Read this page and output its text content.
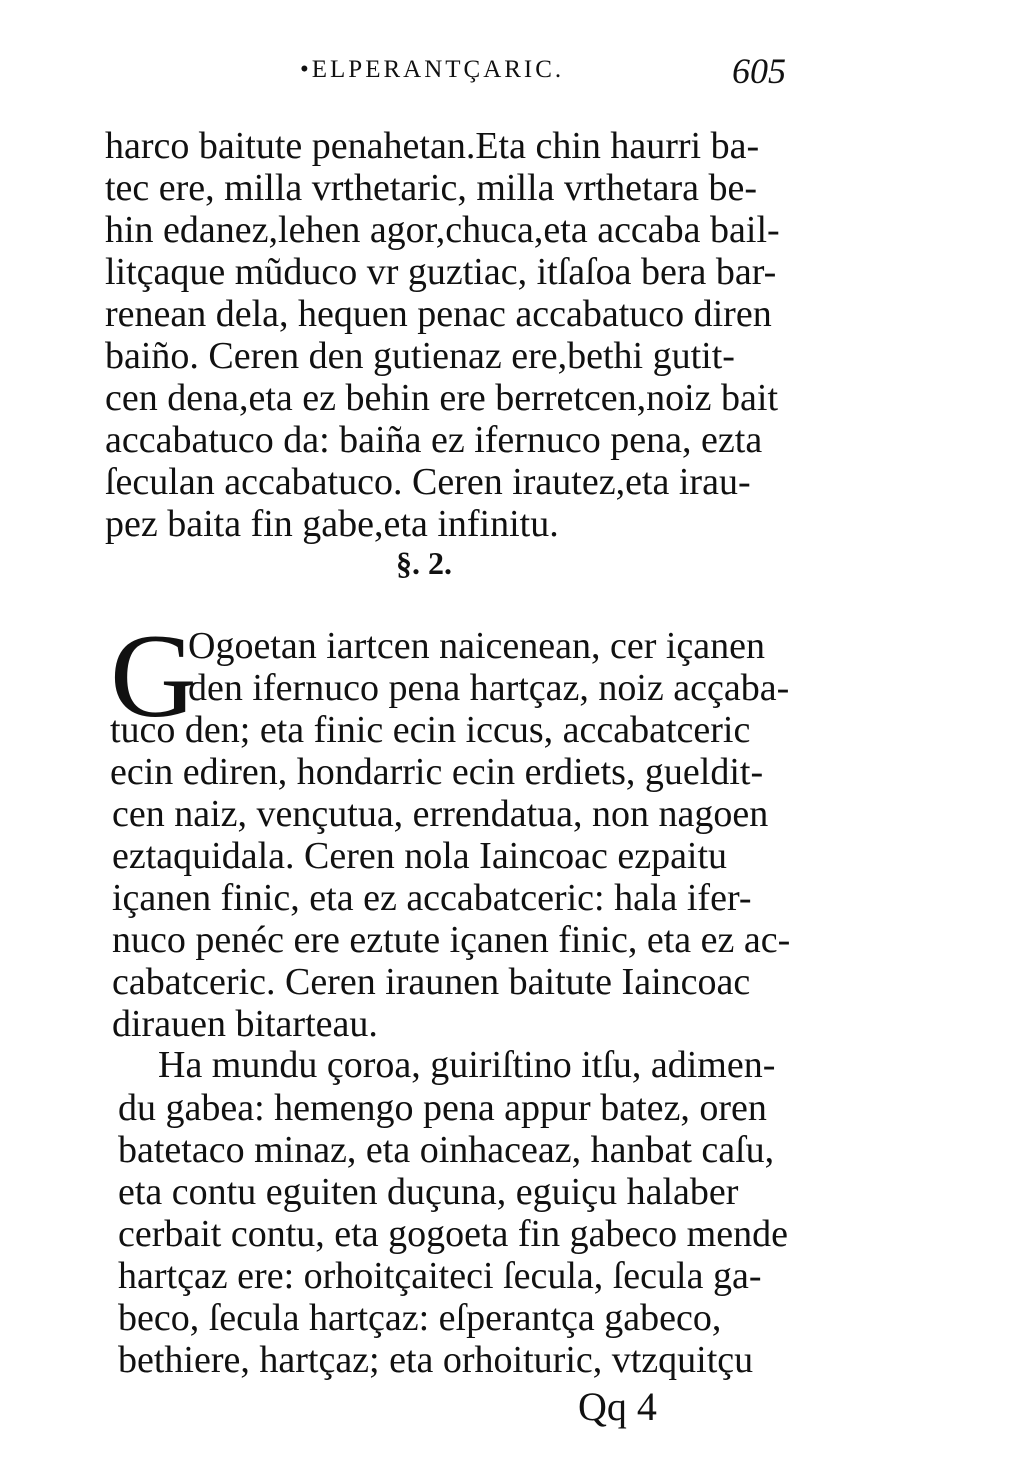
•ELPERANTÇARIC.	605
harco baitute penahetan.Eta chin haurri ba-
tec ere, milla vrthetaric, milla vrthetara be-
hin edanez,lehen agor,chuca,eta accaba bail-
litçaque mũduco vr guztiac, itſaſoa bera bar-
renean dela, hequen penac accabatuco diren
baiño. Ceren den gutienaz ere,bethi gutit-
cen dena,eta ez behin ere berretcen,noiz bait
accabatuco da: baiña ez ifernuco pena, ezta
ſeculan accabatuco. Ceren irautez,eta irau-
pez baita fin gabe,eta infinitu.
§. 2.
G
Ogoetan iartcen naicenean, cer içanen
den ifernuco pena hartçaz, noiz acçaba-
tuco den; eta finic ecin iccus, accabatceric
ecin ediren, hondarric ecin erdiets, gueldit-
cen naiz, vençutua, errendatua, non nagoen
eztaquidala. Ceren nola Iaincoac ezpaitu
içanen finic, eta ez accabatceric: hala ifer-
nuco penéc ere eztute içanen finic, eta ez ac-
cabatceric. Ceren iraunen baitute Iaincoac
dirauen bitarteau.
Ha mundu çoroa, guiriſtino itſu, adimen-
du gabea: hemengo pena appur batez, oren
batetaco minaz, eta oinhaceaz, hanbat caſu,
eta contu eguiten duçuna, eguiçu halaber
cerbait contu, eta gogoeta fin gabeco mende
hartçaz ere: orhoitçaiteci ſecula, ſecula ga-
beco, ſecula hartçaz: eſperantça gabeco,
bethiere, hartçaz; eta orhoituric, vtzquitçu
Qq 4
